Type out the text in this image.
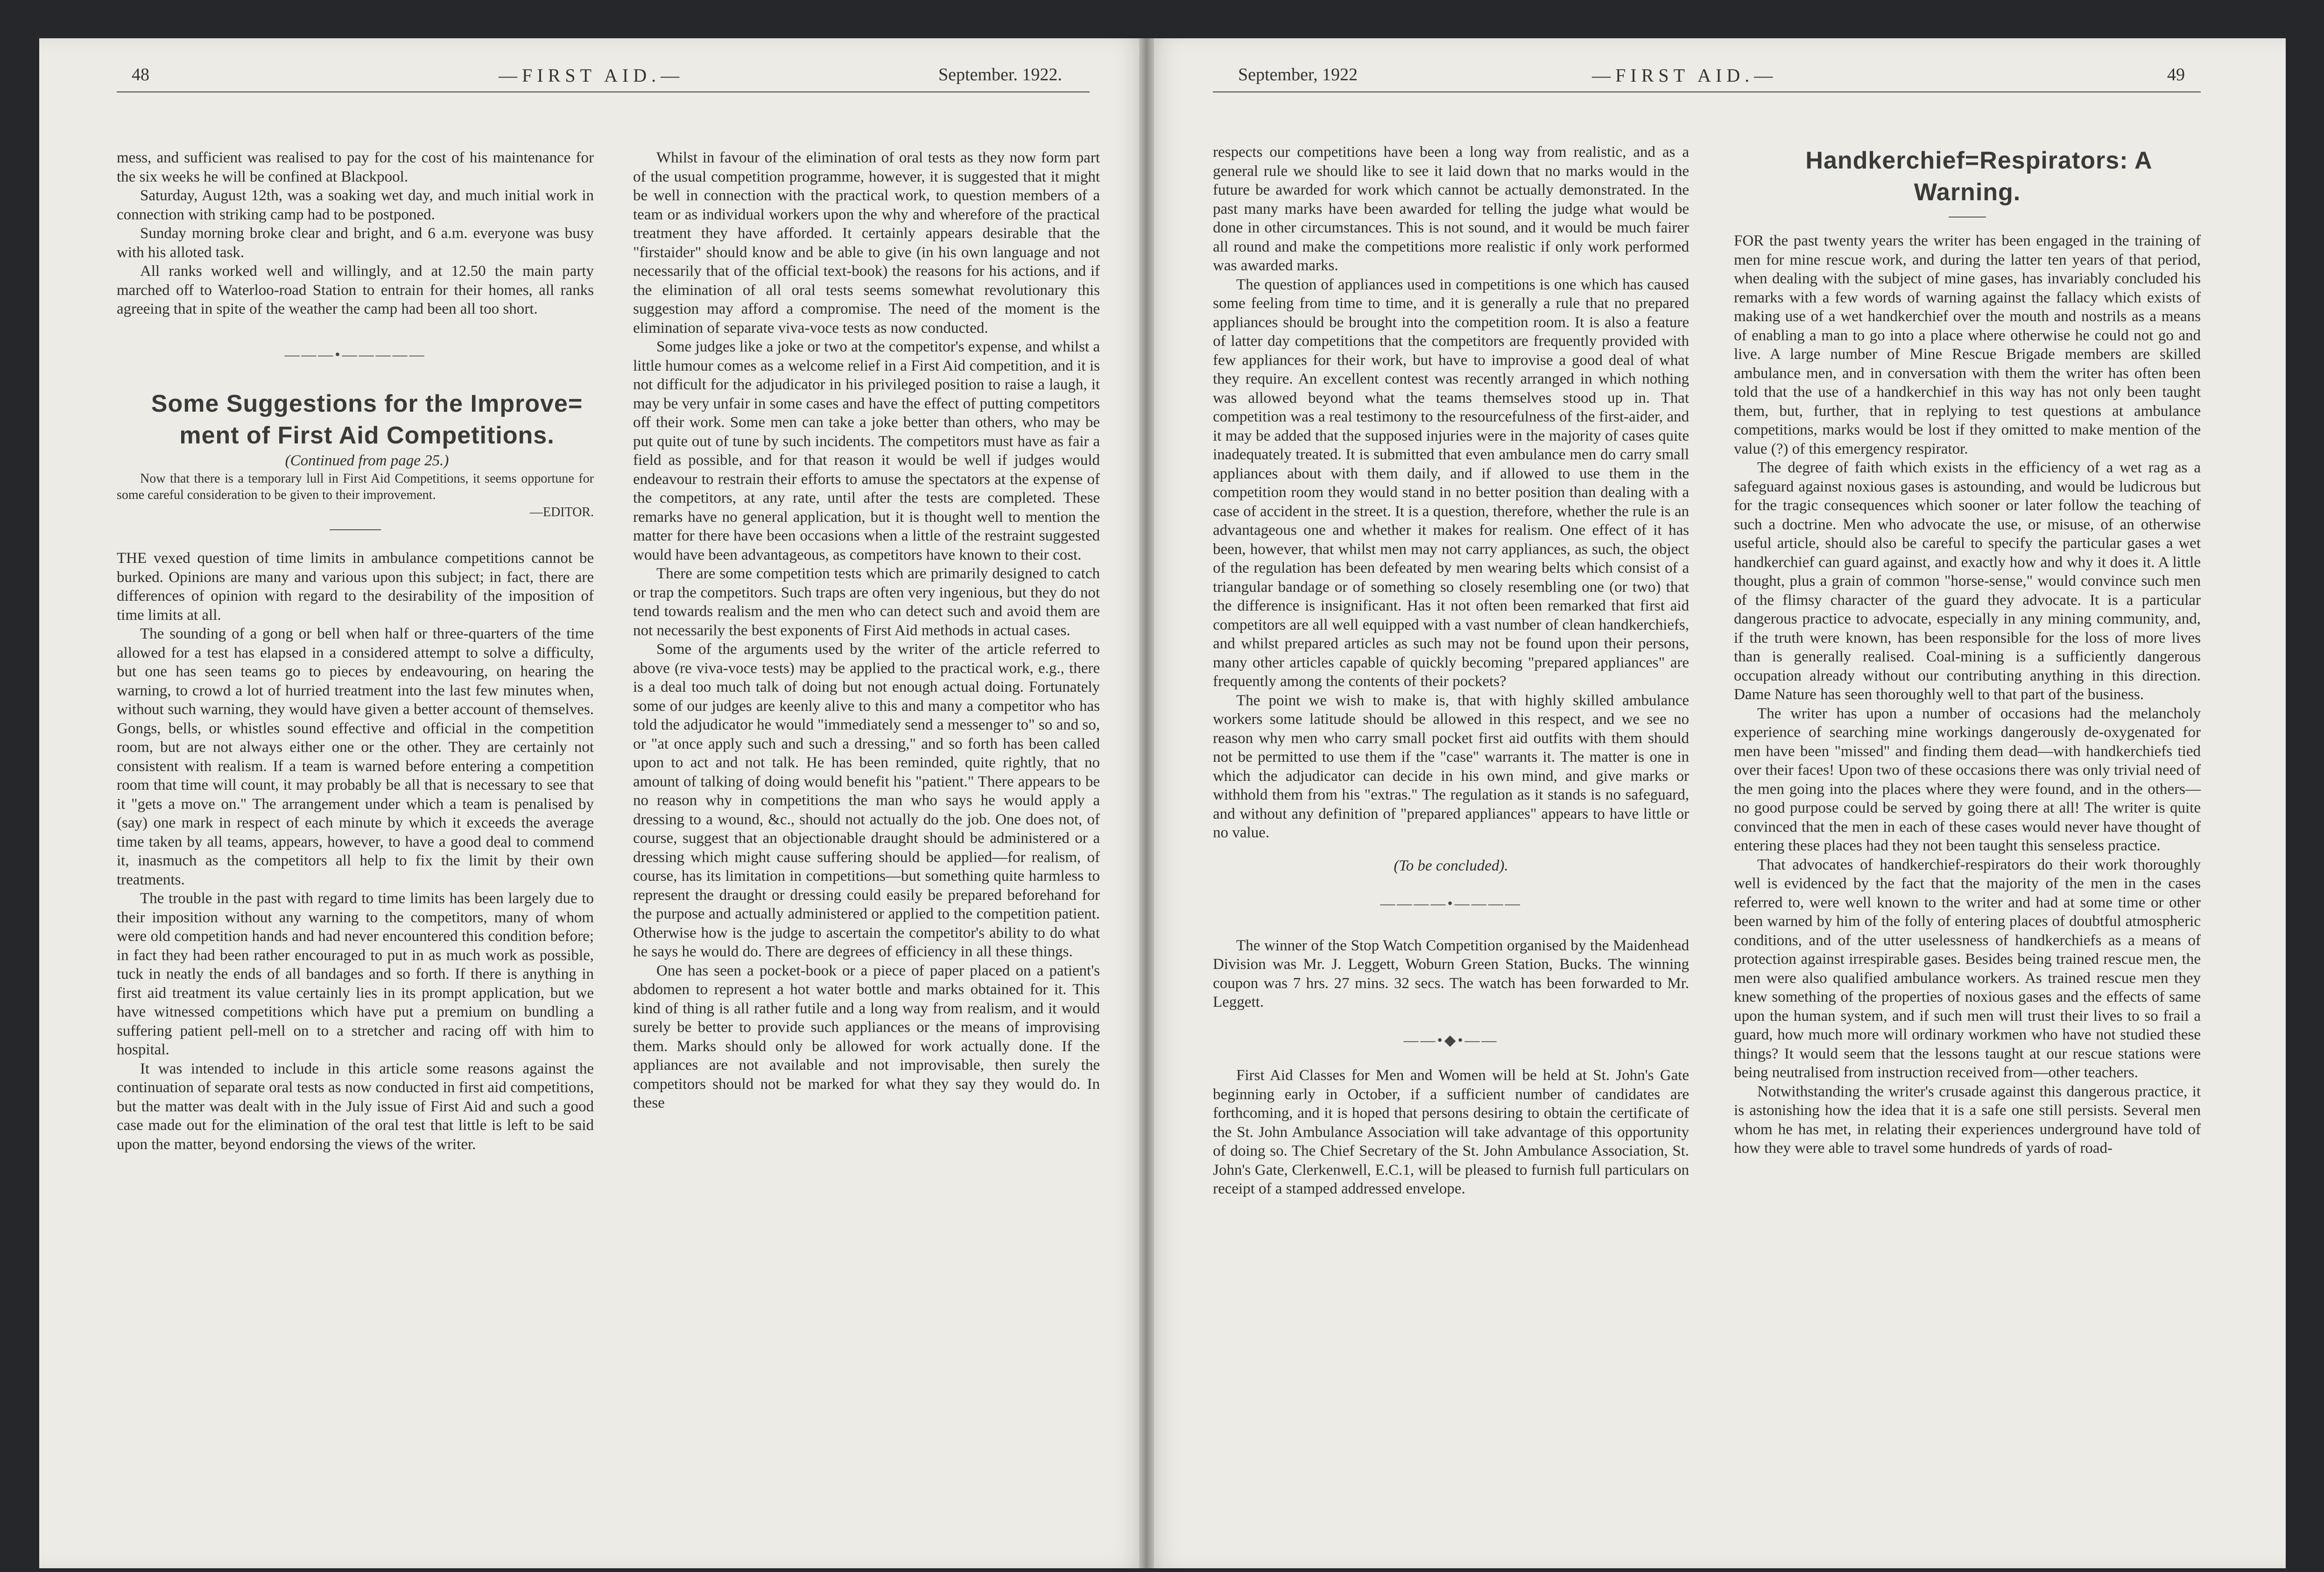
48	—FIRST AID.—	September. 1922.	September, 1922	—FIRST AID.—	49

mess, and sufficient was realised to pay for the cost of his maintenance for the six weeks he will be confined at Blackpool.

Saturday, August 12th, was a soaking wet day, and much initial work in connection with striking camp had to be postponed.

Sunday morning broke clear and bright, and 6 a.m. everyone was busy with his alloted task.

All ranks worked well and willingly, and at 12.50 the main party marched off to Waterloo-road Station to entrain for their homes, all ranks agreeing that in spite of the weather the camp had been all too short.

———•—————

Some Suggestions for the Improve=

ment of First Aid Competitions.

(Continued from page 25.)

Now that there is a temporary lull in First Aid Competitions, it seems opportune for some careful consideration to be given to their improvement.

—EDITOR.

THE vexed question of time limits in ambulance competitions cannot be burked. Opinions are many and various upon this subject; in fact, there are differences of opinion with regard to the desirability of the imposition of time limits at all.

The sounding of a gong or bell when half or three-quarters of the time allowed for a test has elapsed in a considered attempt to solve a difficulty, but one has seen teams go to pieces by endeavouring, on hearing the warning, to crowd a lot of hurried treatment into the last few minutes when, without such warning, they would have given a better account of themselves. Gongs, bells, or whistles sound effective and official in the competition room, but are not always either one or the other. They are certainly not consistent with realism. If a team is warned before entering a competition room that time will count, it may probably be all that is necessary to see that it "gets a move on." The arrangement under which a team is penalised by (say) one mark in respect of each minute by which it exceeds the average time taken by all teams, appears, however, to have a good deal to commend it, inasmuch as the competitors all help to fix the limit by their own treatments.

The trouble in the past with regard to time limits has been largely due to their imposition without any warning to the competitors, many of whom were old competition hands and had never encountered this condition before; in fact they had been rather encouraged to put in as much work as possible, tuck in neatly the ends of all bandages and so forth. If there is anything in first aid treatment its value certainly lies in its prompt application, but we have witnessed competitions which have put a premium on bundling a suffering patient pell-mell on to a stretcher and racing off with him to hospital.

It was intended to include in this article some reasons against the continuation of separate oral tests as now conducted in first aid competitions, but the matter was dealt with in the July issue of First Aid and such a good case made out for the elimination of the oral test that little is left to be said upon the matter, beyond endorsing the views of the writer.

Whilst in favour of the elimination of oral tests as they now form part of the usual competition programme, however, it is suggested that it might be well in connection with the practical work, to question members of a team or as individual workers upon the why and wherefore of the practical treatment they have afforded. It certainly appears desirable that the "firstaider" should know and be able to give (in his own language and not necessarily that of the official text-book) the reasons for his actions, and if the elimination of all oral tests seems somewhat revolutionary this suggestion may afford a compromise. The need of the moment is the elimination of separate viva-voce tests as now conducted.

Some judges like a joke or two at the competitor's expense, and whilst a little humour comes as a welcome relief in a First Aid competition, and it is not difficult for the adjudicator in his privileged position to raise a laugh, it may be very unfair in some cases and have the effect of putting competitors off their work. Some men can take a joke better than others, who may be put quite out of tune by such incidents. The competitors must have as fair a field as possible, and for that reason it would be well if judges would endeavour to restrain their efforts to amuse the spectators at the expense of the competitors, at any rate, until after the tests are completed. These remarks have no general application, but it is thought well to mention the matter for there have been occasions when a little of the restraint suggested would have been advantageous, as competitors have known to their cost.

There are some competition tests which are primarily designed to catch or trap the competitors. Such traps are often very ingenious, but they do not tend towards realism and the men who can detect such and avoid them are not necessarily the best exponents of First Aid methods in actual cases.

Some of the arguments used by the writer of the article referred to above (re viva-voce tests) may be applied to the practical work, e.g., there is a deal too much talk of doing but not enough actual doing. Fortunately some of our judges are keenly alive to this and many a competitor who has told the adjudicator he would "immediately send a messenger to" so and so, or "at once apply such and such a dressing," and so forth has been called upon to act and not talk. He has been reminded, quite rightly, that no amount of talking of doing would benefit his "patient." There appears to be no reason why in competitions the man who says he would apply a dressing to a wound, &c., should not actually do the job. One does not, of course, suggest that an objectionable draught should be administered or a dressing which might cause suffering should be applied—for realism, of course, has its limitation in competitions—but something quite harmless to represent the draught or dressing could easily be prepared beforehand for the purpose and actually administered or applied to the competition patient. Otherwise how is the judge to ascertain the competitor's ability to do what he says he would do. There are degrees of efficiency in all these things.

One has seen a pocket-book or a piece of paper placed on a patient's abdomen to represent a hot water bottle and marks obtained for it. This kind of thing is all rather futile and a long way from realism, and it would surely be better to provide such appliances or the means of improvising them. Marks should only be allowed for work actually done. If the appliances are not available and not improvisable, then surely the competitors should not be marked for what they say they would do. In these

respects our competitions have been a long way from realistic, and as a general rule we should like to see it laid down that no marks would in the future be awarded for work which cannot be actually demonstrated. In the past many marks have been awarded for telling the judge what would be done in other circumstances. This is not sound, and it would be much fairer all round and make the competitions more realistic if only work performed was awarded marks.

The question of appliances used in competitions is one which has caused some feeling from time to time, and it is generally a rule that no prepared appliances should be brought into the competition room. It is also a feature of latter day competitions that the competitors are frequently provided with few appliances for their work, but have to improvise a good deal of what they require. An excellent contest was recently arranged in which nothing was allowed beyond what the teams themselves stood up in. That competition was a real testimony to the resourcefulness of the first-aider, and it may be added that the supposed injuries were in the majority of cases quite inadequately treated. It is submitted that even ambulance men do carry small appliances about with them daily, and if allowed to use them in the competition room they would stand in no better position than dealing with a case of accident in the street. It is a question, therefore, whether the rule is an advantageous one and whether it makes for realism. One effect of it has been, however, that whilst men may not carry appliances, as such, the object of the regulation has been defeated by men wearing belts which consist of a triangular bandage or of something so closely resembling one (or two) that the difference is insignificant. Has it not often been remarked that first aid competitors are all well equipped with a vast number of clean handkerchiefs, and whilst prepared articles as such may not be found upon their persons, many other articles capable of quickly becoming "prepared appliances" are frequently among the contents of their pockets?

The point we wish to make is, that with highly skilled ambulance workers some latitude should be allowed in this respect, and we see no reason why men who carry small pocket first aid outfits with them should not be permitted to use them if the "case" warrants it. The matter is one in which the adjudicator can decide in his own mind, and give marks or withhold them from his "extras." The regulation as it stands is no safeguard, and without any definition of "prepared appliances" appears to have little or no value.

(To be concluded).

————•————

The winner of the Stop Watch Competition organised by the Maidenhead Division was Mr. J. Leggett, Woburn Green Station, Bucks. The winning coupon was 7 hrs. 27 mins. 32 secs. The watch has been forwarded to Mr. Leggett.

——•◆•——

First Aid Classes for Men and Women will be held at St. John's Gate beginning early in October, if a sufficient number of candidates are forthcoming, and it is hoped that persons desiring to obtain the certificate of the St. John Ambulance Association will take advantage of this opportunity of doing so. The Chief Secretary of the St. John Ambulance Association, St. John's Gate, Clerkenwell, E.C.1, will be pleased to furnish full particulars on receipt of a stamped addressed envelope.

Handkerchief=Respirators: A Warning.

FOR the past twenty years the writer has been engaged in the training of men for mine rescue work, and during the latter ten years of that period, when dealing with the subject of mine gases, has invariably concluded his remarks with a few words of warning against the fallacy which exists of making use of a wet handkerchief over the mouth and nostrils as a means of enabling a man to go into a place where otherwise he could not go and live. A large number of Mine Rescue Brigade members are skilled ambulance men, and in conversation with them the writer has often been told that the use of a handkerchief in this way has not only been taught them, but, further, that in replying to test questions at ambulance competitions, marks would be lost if they omitted to make mention of the value (?) of this emergency respirator.

The degree of faith which exists in the efficiency of a wet rag as a safeguard against noxious gases is astounding, and would be ludicrous but for the tragic consequences which sooner or later follow the teaching of such a doctrine. Men who advocate the use, or misuse, of an otherwise useful article, should also be careful to specify the particular gases a wet handkerchief can guard against, and exactly how and why it does it. A little thought, plus a grain of common "horse-sense," would convince such men of the flimsy character of the guard they advocate. It is a particular dangerous practice to advocate, especially in any mining community, and, if the truth were known, has been responsible for the loss of more lives than is generally realised. Coal-mining is a sufficiently dangerous occupation already without our contributing anything in this direction. Dame Nature has seen thoroughly well to that part of the business.

The writer has upon a number of occasions had the melancholy experience of searching mine workings dangerously de-oxygenated for men have been "missed" and finding them dead—with handkerchiefs tied over their faces! Upon two of these occasions there was only trivial need of the men going into the places where they were found, and in the others—no good purpose could be served by going there at all! The writer is quite convinced that the men in each of these cases would never have thought of entering these places had they not been taught this senseless practice.

That advocates of handkerchief-respirators do their work thoroughly well is evidenced by the fact that the majority of the men in the cases referred to, were well known to the writer and had at some time or other been warned by him of the folly of entering places of doubtful atmospheric conditions, and of the utter uselessness of handkerchiefs as a means of protection against irrespirable gases. Besides being trained rescue men, the men were also qualified ambulance workers. As trained rescue men they knew something of the properties of noxious gases and the effects of same upon the human system, and if such men will trust their lives to so frail a guard, how much more will ordinary workmen who have not studied these things? It would seem that the lessons taught at our rescue stations were being neutralised from instruction received from—other teachers.

Notwithstanding the writer's crusade against this dangerous practice, it is astonishing how the idea that it is a safe one still persists. Several men whom he has met, in relating their experiences underground have told of how they were able to travel some hundreds of yards of road-
